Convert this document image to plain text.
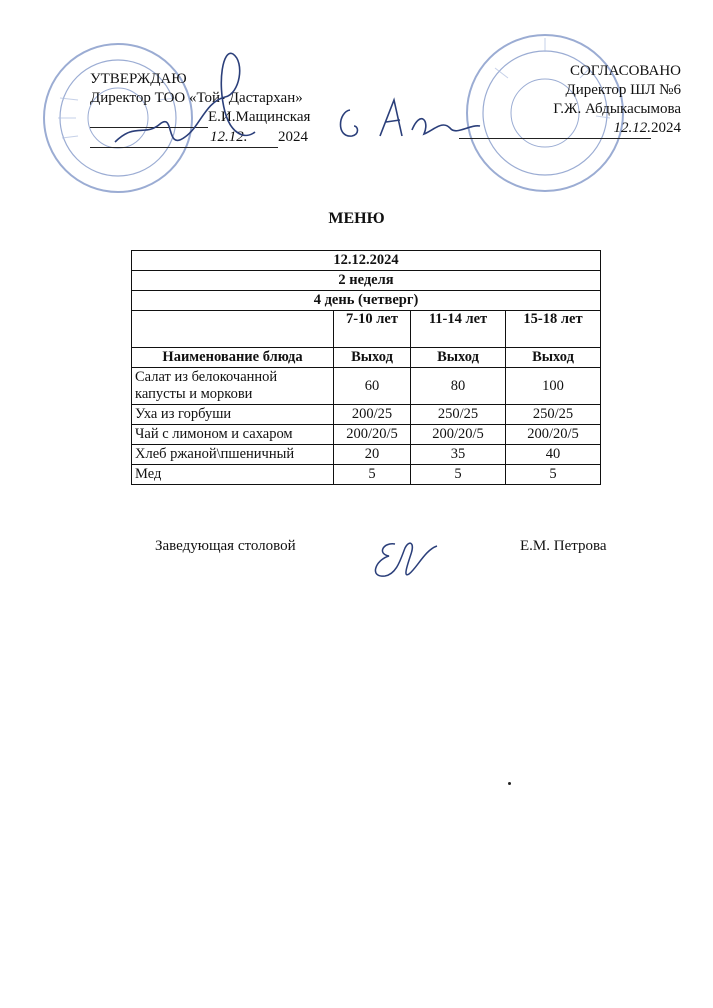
УТВЕРЖДАЮ
Директор ТОО «Той- Дастархан»
Е.И.Мащинская
12.12. 2024
СОГЛАСОВАНО
Директор ШЛ №6
Г.Ж. Абдыкасымова
12.12.2024
МЕНЮ
12.12.2024			
2 неделя			
4 день (четверг)			
	7-10 лет	11-14 лет	15-18 лет
Наименование блюда	Выход	Выход	Выход
Салат из белокочанной капусты и моркови	60	80	100
Уха из горбуши	200/25	250/25	250/25
Чай с лимоном и сахаром	200/20/5	200/20/5	200/20/5
Хлеб ржаной\пшеничный	20	35	40
Мед	5	5	5
Заведующая столовой	Е.М. Петрова
